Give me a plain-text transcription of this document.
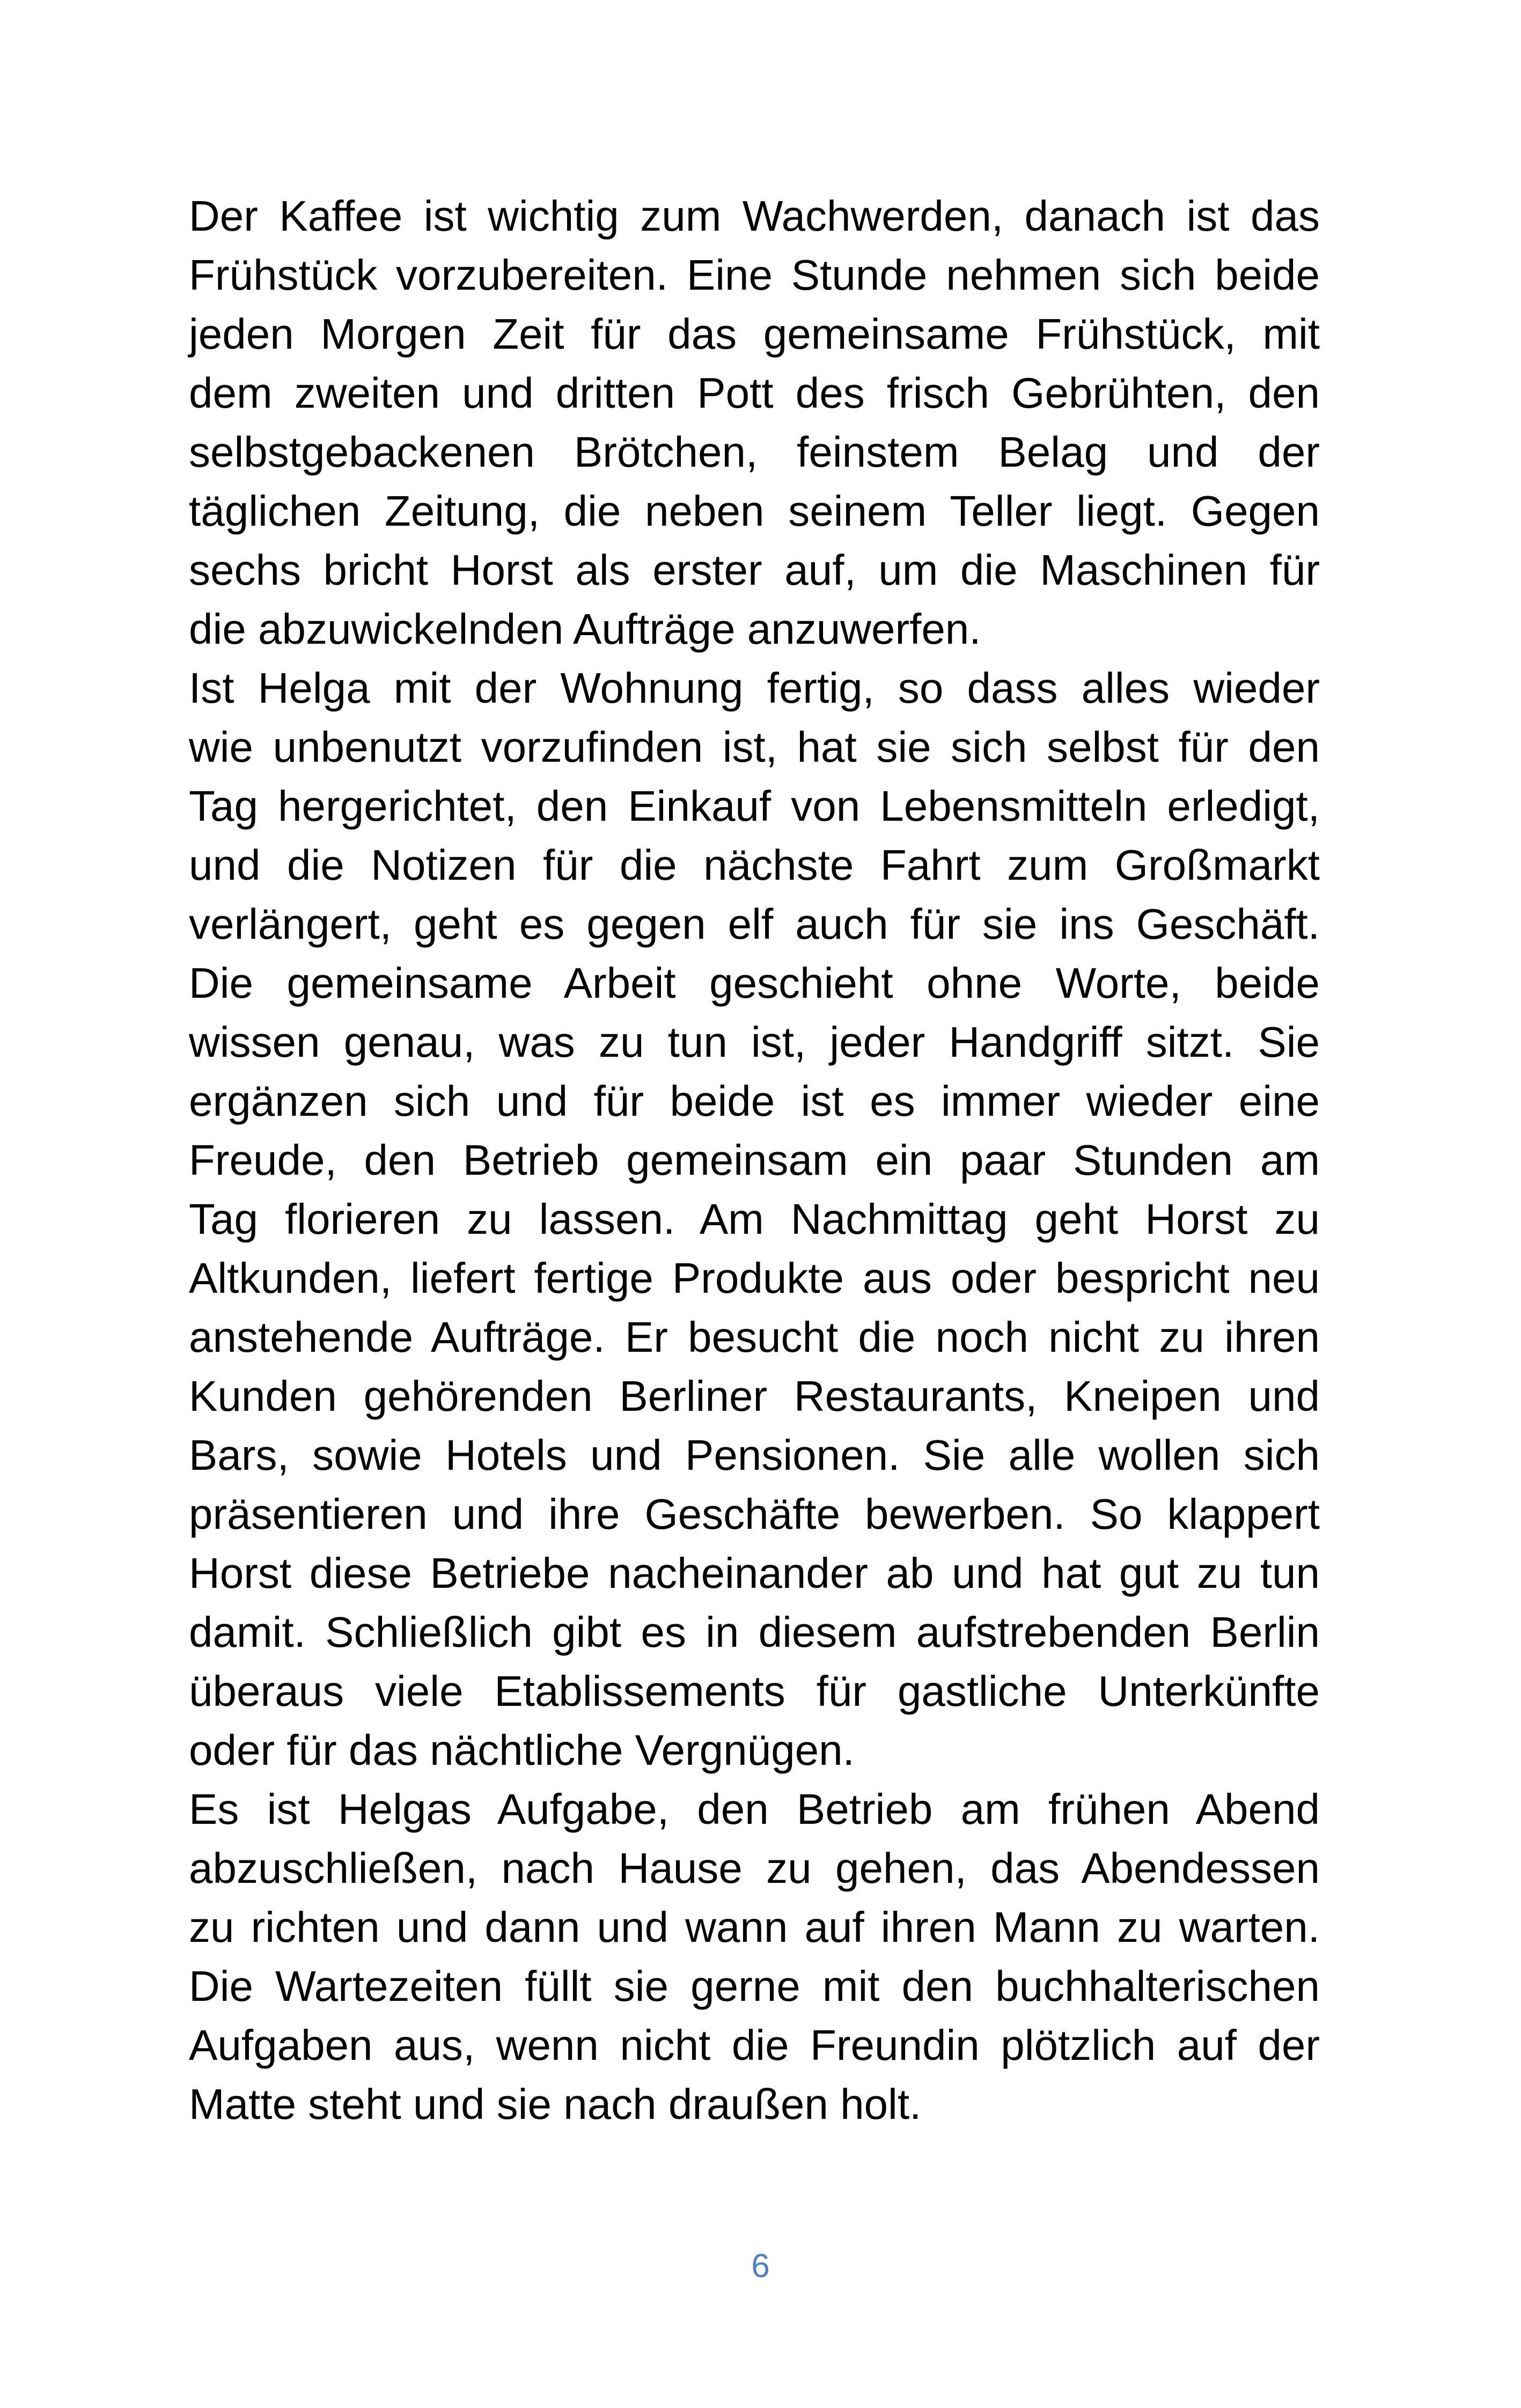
Der Kaffee ist wichtig zum Wachwerden, danach ist das
Frühstück vorzubereiten. Eine Stunde nehmen sich beide
jeden Morgen Zeit für das gemeinsame Frühstück, mit
dem zweiten und dritten Pott des frisch Gebrühten, den
selbstgebackenen Brötchen, feinstem Belag und der
täglichen Zeitung, die neben seinem Teller liegt. Gegen
sechs bricht Horst als erster auf, um die Maschinen für
die abzuwickelnden Aufträge anzuwerfen.
Ist Helga mit der Wohnung fertig, so dass alles wieder
wie unbenutzt vorzufinden ist, hat sie sich selbst für den
Tag hergerichtet, den Einkauf von Lebensmitteln erledigt,
und die Notizen für die nächste Fahrt zum Großmarkt
verlängert, geht es gegen elf auch für sie ins Geschäft.
Die gemeinsame Arbeit geschieht ohne Worte, beide
wissen genau, was zu tun ist, jeder Handgriff sitzt. Sie
ergänzen sich und für beide ist es immer wieder eine
Freude, den Betrieb gemeinsam ein paar Stunden am
Tag florieren zu lassen. Am Nachmittag geht Horst zu
Altkunden, liefert fertige Produkte aus oder bespricht neu
anstehende Aufträge. Er besucht die noch nicht zu ihren
Kunden gehörenden Berliner Restaurants, Kneipen und
Bars, sowie Hotels und Pensionen. Sie alle wollen sich
präsentieren und ihre Geschäfte bewerben. So klappert
Horst diese Betriebe nacheinander ab und hat gut zu tun
damit. Schließlich gibt es in diesem aufstrebenden Berlin
überaus viele Etablissements für gastliche Unterkünfte
oder für das nächtliche Vergnügen.
Es ist Helgas Aufgabe, den Betrieb am frühen Abend
abzuschließen, nach Hause zu gehen, das Abendessen
zu richten und dann und wann auf ihren Mann zu warten.
Die Wartezeiten füllt sie gerne mit den buchhalterischen
Aufgaben aus, wenn nicht die Freundin plötzlich auf der
Matte steht und sie nach draußen holt.
6
